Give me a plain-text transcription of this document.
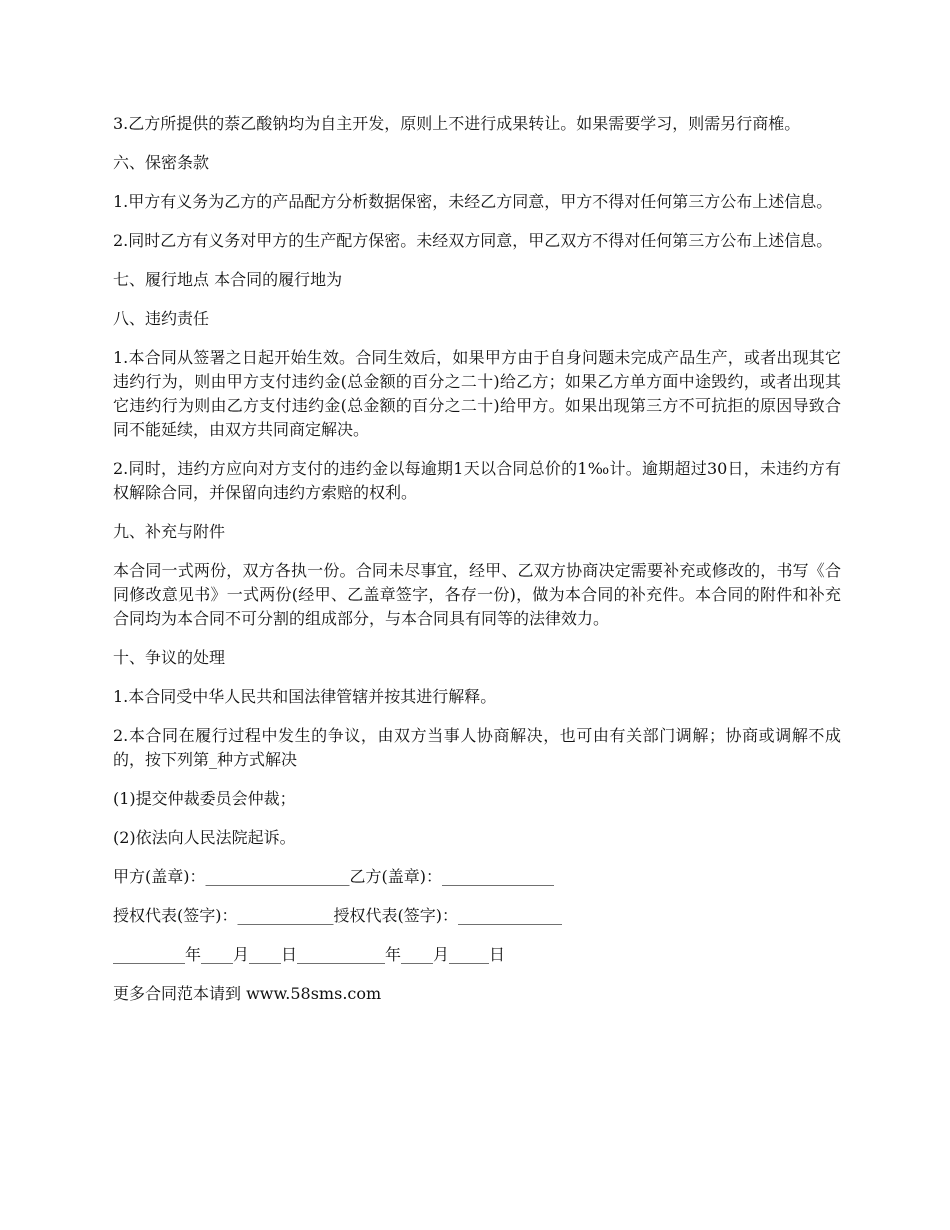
3.乙方所提供的萘乙酸钠均为自主开发，原则上不进行成果转让。如果需要学习，则需另行商榷。

六、保密条款

1.甲方有义务为乙方的产品配方分析数据保密，未经乙方同意，甲方不得对任何第三方公布上述信息。

2.同时乙方有义务对甲方的生产配方保密。未经双方同意，甲乙双方不得对任何第三方公布上述信息。

七、履行地点 本合同的履行地为

八、违约责任

1.本合同从签署之日起开始生效。合同生效后，如果甲方由于自身问题未完成产品生产，或者出现其它违约行为，则由甲方支付违约金(总金额的百分之二十)给乙方；如果乙方单方面中途毁约，或者出现其它违约行为则由乙方支付违约金(总金额的百分之二十)给甲方。如果出现第三方不可抗拒的原因导致合同不能延续，由双方共同商定解决。

2.同时，违约方应向对方支付的违约金以每逾期1天以合同总价的1‰计。逾期超过30日，未违约方有权解除合同，并保留向违约方索赔的权利。

九、补充与附件

本合同一式两份，双方各执一份。合同未尽事宜，经甲、乙双方协商决定需要补充或修改的，书写《合同修改意见书》一式两份(经甲、乙盖章签字，各存一份)，做为本合同的补充件。本合同的附件和补充合同均为本合同不可分割的组成部分，与本合同具有同等的法律效力。

十、争议的处理

1.本合同受中华人民共和国法律管辖并按其进行解释。

2.本合同在履行过程中发生的争议，由双方当事人协商解决，也可由有关部门调解；协商或调解不成的，按下列第_种方式解决

(1)提交仲裁委员会仲裁；

(2)依法向人民法院起诉。

甲方(盖章)：__________________乙方(盖章)：______________

授权代表(签字)：____________授权代表(签字)：_____________

_________年____月____日___________年____月_____日

更多合同范本请到 www.58sms.com
